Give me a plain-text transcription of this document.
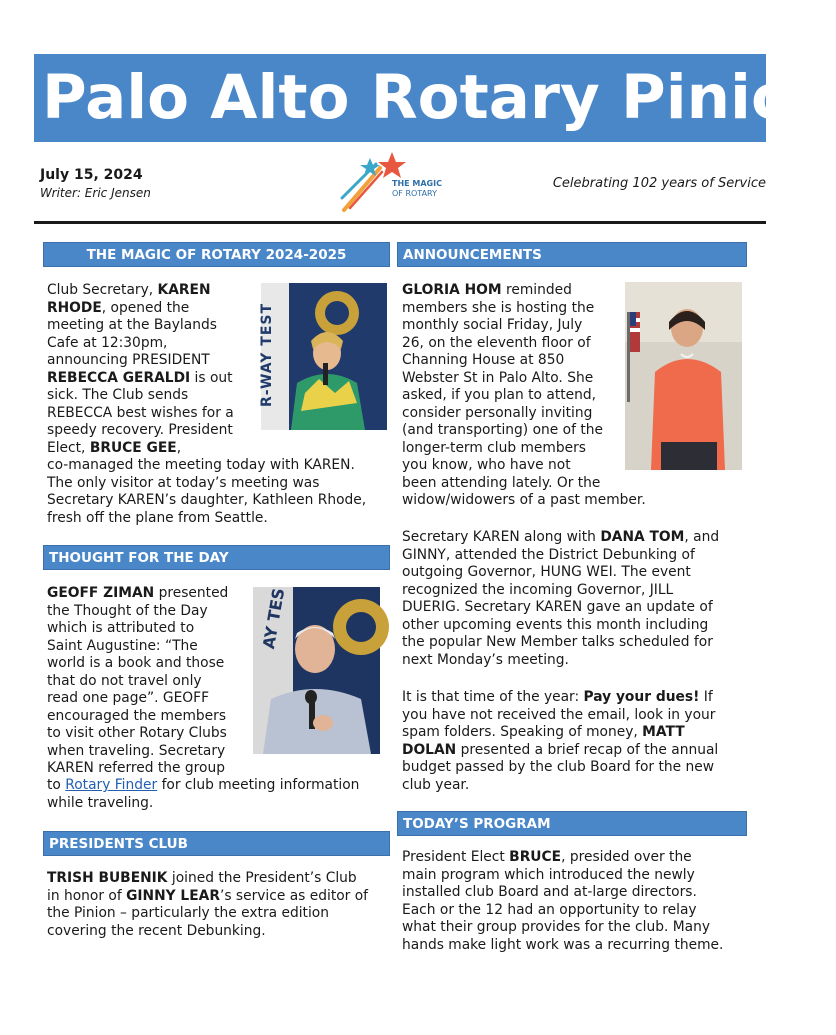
Palo Alto Rotary Pinion
July 15, 2024
Writer: Eric Jensen
Celebrating 102 years of Service
THE MAGIC
OF ROTARY
THE MAGIC OF ROTARY 2024-2025
R-WAY TEST
Club Secretary, KAREN
RHODE, opened the
meeting at the Baylands
Cafe at 12:30pm,
announcing PRESIDENT
REBECCA GERALDI is out
sick. The Club sends
REBECCA best wishes for a
speedy recovery. President
Elect, BRUCE GEE,
co-managed the meeting today with KAREN.
The only visitor at today’s meeting was
Secretary KAREN’s daughter, Kathleen Rhode,
fresh off the plane from Seattle.
THOUGHT FOR THE DAY
AY TES
GEOFF ZIMAN presented
the Thought of the Day
which is attributed to
Saint Augustine: “The
world is a book and those
that do not travel only
read one page”. GEOFF
encouraged the members
to visit other Rotary Clubs
when traveling. Secretary
KAREN referred the group
to Rotary Finder for club meeting information
while traveling.
PRESIDENTS CLUB
TRISH BUBENIK joined the President’s Club
in honor of GINNY LEAR’s service as editor of
the Pinion – particularly the extra edition
covering the recent Debunking.
ANNOUNCEMENTS
GLORIA HOM reminded
members she is hosting the
monthly social Friday, July
26, on the eleventh floor of
Channing House at 850
Webster St in Palo Alto. She
asked, if you plan to attend,
consider personally inviting
(and transporting) one of the
longer-term club members
you know, who have not
been attending lately. Or the
widow/widowers of a past member.
Secretary KAREN along with DANA TOM, and
GINNY, attended the District Debunking of
outgoing Governor, HUNG WEI. The event
recognized the incoming Governor, JILL
DUERIG. Secretary KAREN gave an update of
other upcoming events this month including
the popular New Member talks scheduled for
next Monday’s meeting.
It is that time of the year: Pay your dues! If
you have not received the email, look in your
spam folders. Speaking of money, MATT
DOLAN presented a brief recap of the annual
budget passed by the club Board for the new
club year.
TODAY’S PROGRAM
President Elect BRUCE, presided over the
main program which introduced the newly
installed club Board and at-large directors.
Each or the 12 had an opportunity to relay
what their group provides for the club. Many
hands make light work was a recurring theme.
